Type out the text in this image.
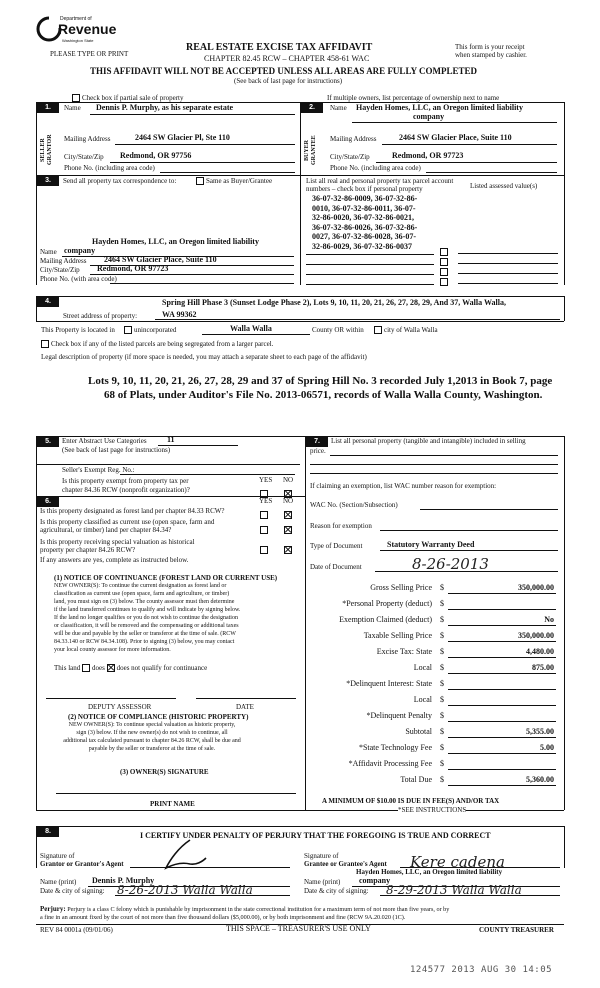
Department of
Revenue
Washington State
PLEASE TYPE OR PRINT
REAL ESTATE EXCISE TAX AFFIDAVIT
CHAPTER 82.45 RCW – CHAPTER 458-61 WAC
THIS AFFIDAVIT WILL NOT BE ACCEPTED UNLESS ALL AREAS ARE FULLY COMPLETED
(See back of last page for instructions)
This form is your receipt
when stamped by cashier.
Check box if partial sale of property	If multiple owners, list percentage of ownership next to name
1.
SELLER GRANTOR
Name Dennis P. Murphy, as his separate estate
Mailing Address	2464 SW Glacier Pl, Ste 110
City/State/Zip Redmond, OR 97756
Phone No. (including area code)
2.
BUYER GRANTEE
Name Hayden Homes, LLC, an Oregon limited liability
company
Mailing Address	2464 SW Glacier Place, Suite 110
City/State/Zip	Redmond, OR 97723
Phone No. (including area code)
3.	Send all property tax correspondence to:	Same as Buyer/Grantee
Hayden Homes, LLC, an Oregon limited liability
Name company
Mailing Address 2464 SW Glacier Place, Suite 110
City/State/Zip Redmond, OR 97723
Phone No. (with area code)
List all real and personal property tax parcel account
numbers – check box if personal property	Listed assessed value(s)
36-07-32-86-0009, 36-07-32-86-
0010, 36-07-32-86-0011, 36-07-
32-86-0020, 36-07-32-86-0021,
36-07-32-86-0026, 36-07-32-86-
0027, 36-07-32-86-0028, 36-07-
32-86-0029, 36-07-32-86-0037
4.	Spring Hill Phase 3 (Sunset Lodge Phase 2), Lots 9, 10, 11, 20, 21, 26, 27, 28, 29, And 37, Walla Walla,
Street address of property:	WA 99362
This Property is located in	unincorporated	Walla Walla	County OR within	city of Walla Walla
Check box if any of the listed parcels are being segregated from a larger parcel.
Legal description of property (if more space is needed, you may attach a separate sheet to each page of the affidavit)
Lots 9, 10, 11, 20, 21, 26, 27, 28, 29 and 37 of Spring Hill No. 3 recorded July 1,2013 in Book 7, page
68 of Plats, under Auditor's File No. 2013-06571, records of Walla Walla County, Washington.
5.	Enter Abstract Use Categories	11
(See back of last page for instructions)
Seller's Exempt Reg. No.:
YES NO
Is this property exempt from property tax per
chapter 84.36 RCW (nonprofit organization)?
6.	YES NO
Is this property designated as forest land per chapter 84.33 RCW?
Is this property classified as current use (open space, farm and
agricultural, or timber) land per chapter 84.34?
Is this property receiving special valuation as historical
property per chapter 84.26 RCW?
If any answers are yes, complete as instructed below.
(1) NOTICE OF CONTINUANCE (FOREST LAND OR CURRENT USE)
NEW OWNER(S): To continue the current designation as forest land or
classification as current use (open space, farm and agriculture, or timber)
land, you must sign on (3) below. The county assessor must then determine
if the land transferred continues to qualify and will indicate by signing below.
If the land no longer qualifies or you do not wish to continue the designation
or classification, it will be removed and the compensating or additional taxes
will be due and payable by the seller or transferor at the time of sale. (RCW
84.33.140 or RCW 84.34.108). Prior to signing (3) below, you may contact
your local county assessor for more information.
This land does does not qualify for continuance
DEPUTY ASSESSOR	DATE
(2) NOTICE OF COMPLIANCE (HISTORIC PROPERTY)
NEW OWNER(S): To continue special valuation as historic property,
sign (3) below. If the new owner(s) do not wish to continue, all
additional tax calculated pursuant to chapter 84.26 RCW, shall be due and
payable by the seller or transferor at the time of sale.
(3) OWNER(S) SIGNATURE
PRINT NAME
7.	List all personal property (tangible and intangible) included in selling
price.
If claiming an exemption, list WAC number reason for exemption:
WAC No. (Section/Subsection)
Reason for exemption
Type of Document	Statutory Warranty Deed
Date of Document	8-26-2013
Gross Selling Price $	350,000.00
*Personal Property (deduct) $
Exemption Claimed (deduct) $	No
Taxable Selling Price $	350,000.00
Excise Tax: State $	4,480.00
Local $	875.00
*Delinquent Interest: State $
Local $
*Delinquent Penalty $
Subtotal $	5,355.00
*State Technology Fee $	5.00
*Affidavit Processing Fee $
Total Due $	5,360.00
A MINIMUM OF $10.00 IS DUE IN FEE(S) AND/OR TAX
*SEE INSTRUCTIONS
8.	I CERTIFY UNDER PENALTY OF PERJURY THAT THE FOREGOING IS TRUE AND CORRECT
Signature of
Grantor or Grantor's Agent
Name (print) Dennis P. Murphy
Date & city of signing: 8-26-2013 Walla Walla
Signature of
Grantee or Grantee's Agent Kere cadena
Hayden Homes, LLC, an Oregon limited liability
Name (print) company
Date & city of signing: 8-29-2013 Walla Walla
Perjury: Perjury is a class C felony which is punishable by imprisonment in the state correctional institution for a maximum term of not more than five years, or by
a fine in an amount fixed by the court of not more than five thousand dollars ($5,000.00), or by both imprisonment and fine (RCW 9A.20.020 (1C).
REV 84 0001a (09/01/06)	THIS SPACE – TREASURER'S USE ONLY	COUNTY TREASURER
124577 2013 AUG 30 14:05
